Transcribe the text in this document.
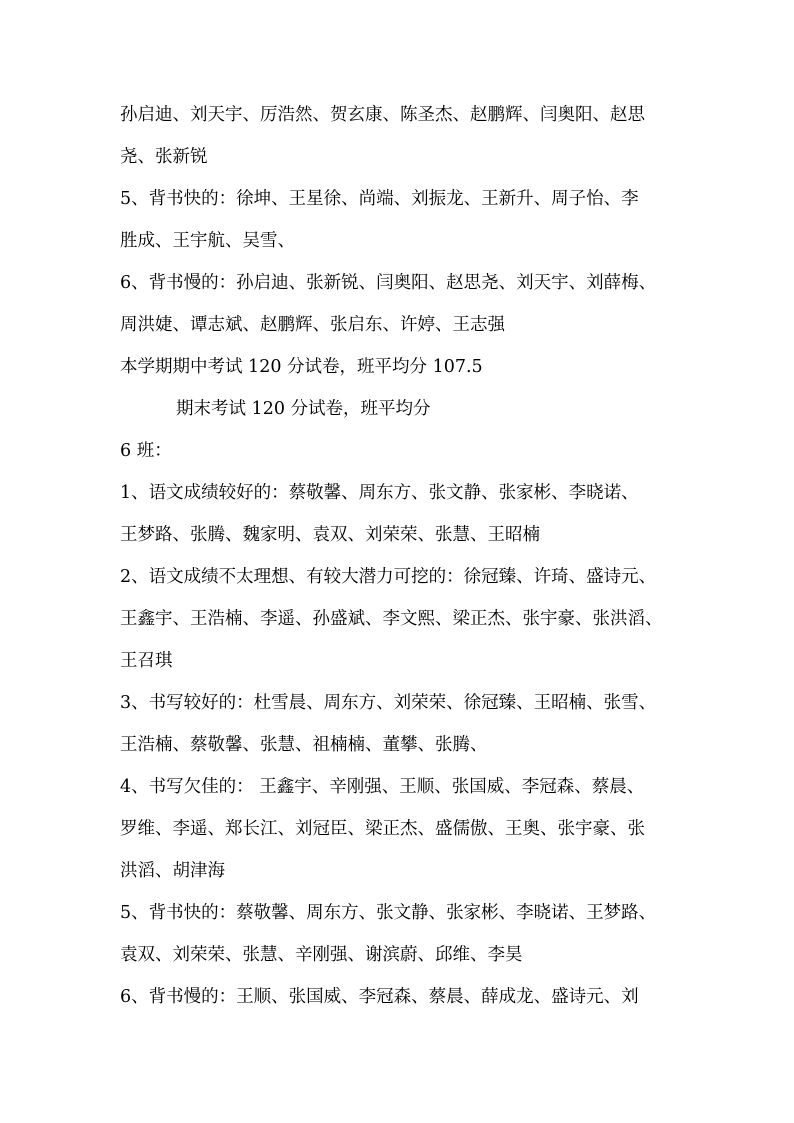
孙启迪、刘天宇、厉浩然、贺玄康、陈圣杰、赵鹏辉、闫奥阳、赵思

尧、张新锐

5、背书快的：徐坤、王星徐、尚端、刘振龙、王新升、周子怡、李

胜成、王宇航、吴雪、

6、背书慢的：孙启迪、张新锐、闫奥阳、赵思尧、刘天宇、刘薛梅、

周洪婕、谭志斌、赵鹏辉、张启东、许婷、王志强

本学期期中考试 120 分试卷，班平均分 107.5

期末考试 120 分试卷，班平均分

6 班：

1、语文成绩较好的：蔡敬馨、周东方、张文静、张家彬、李晓诺、

王梦路、张腾、魏家明、袁双、刘荣荣、张慧、王昭楠

2、语文成绩不太理想、有较大潜力可挖的：徐冠臻、许琦、盛诗元、

王鑫宇、王浩楠、李遥、孙盛斌、李文熙、梁正杰、张宇豪、张洪滔、

王召琪

3、书写较好的：杜雪晨、周东方、刘荣荣、徐冠臻、王昭楠、张雪、

王浩楠、蔡敬馨、张慧、祖楠楠、董攀、张腾、

4、书写欠佳的： 王鑫宇、辛刚强、王顺、张国威、李冠森、蔡晨、

罗维、李遥、郑长江、刘冠臣、梁正杰、盛儒傲、王奥、张宇豪、张

洪滔、胡津海

5、背书快的：蔡敬馨、周东方、张文静、张家彬、李晓诺、王梦路、

袁双、刘荣荣、张慧、辛刚强、谢滨蔚、邱维、李昊

6、背书慢的：王顺、张国威、李冠森、蔡晨、薛成龙、盛诗元、刘
